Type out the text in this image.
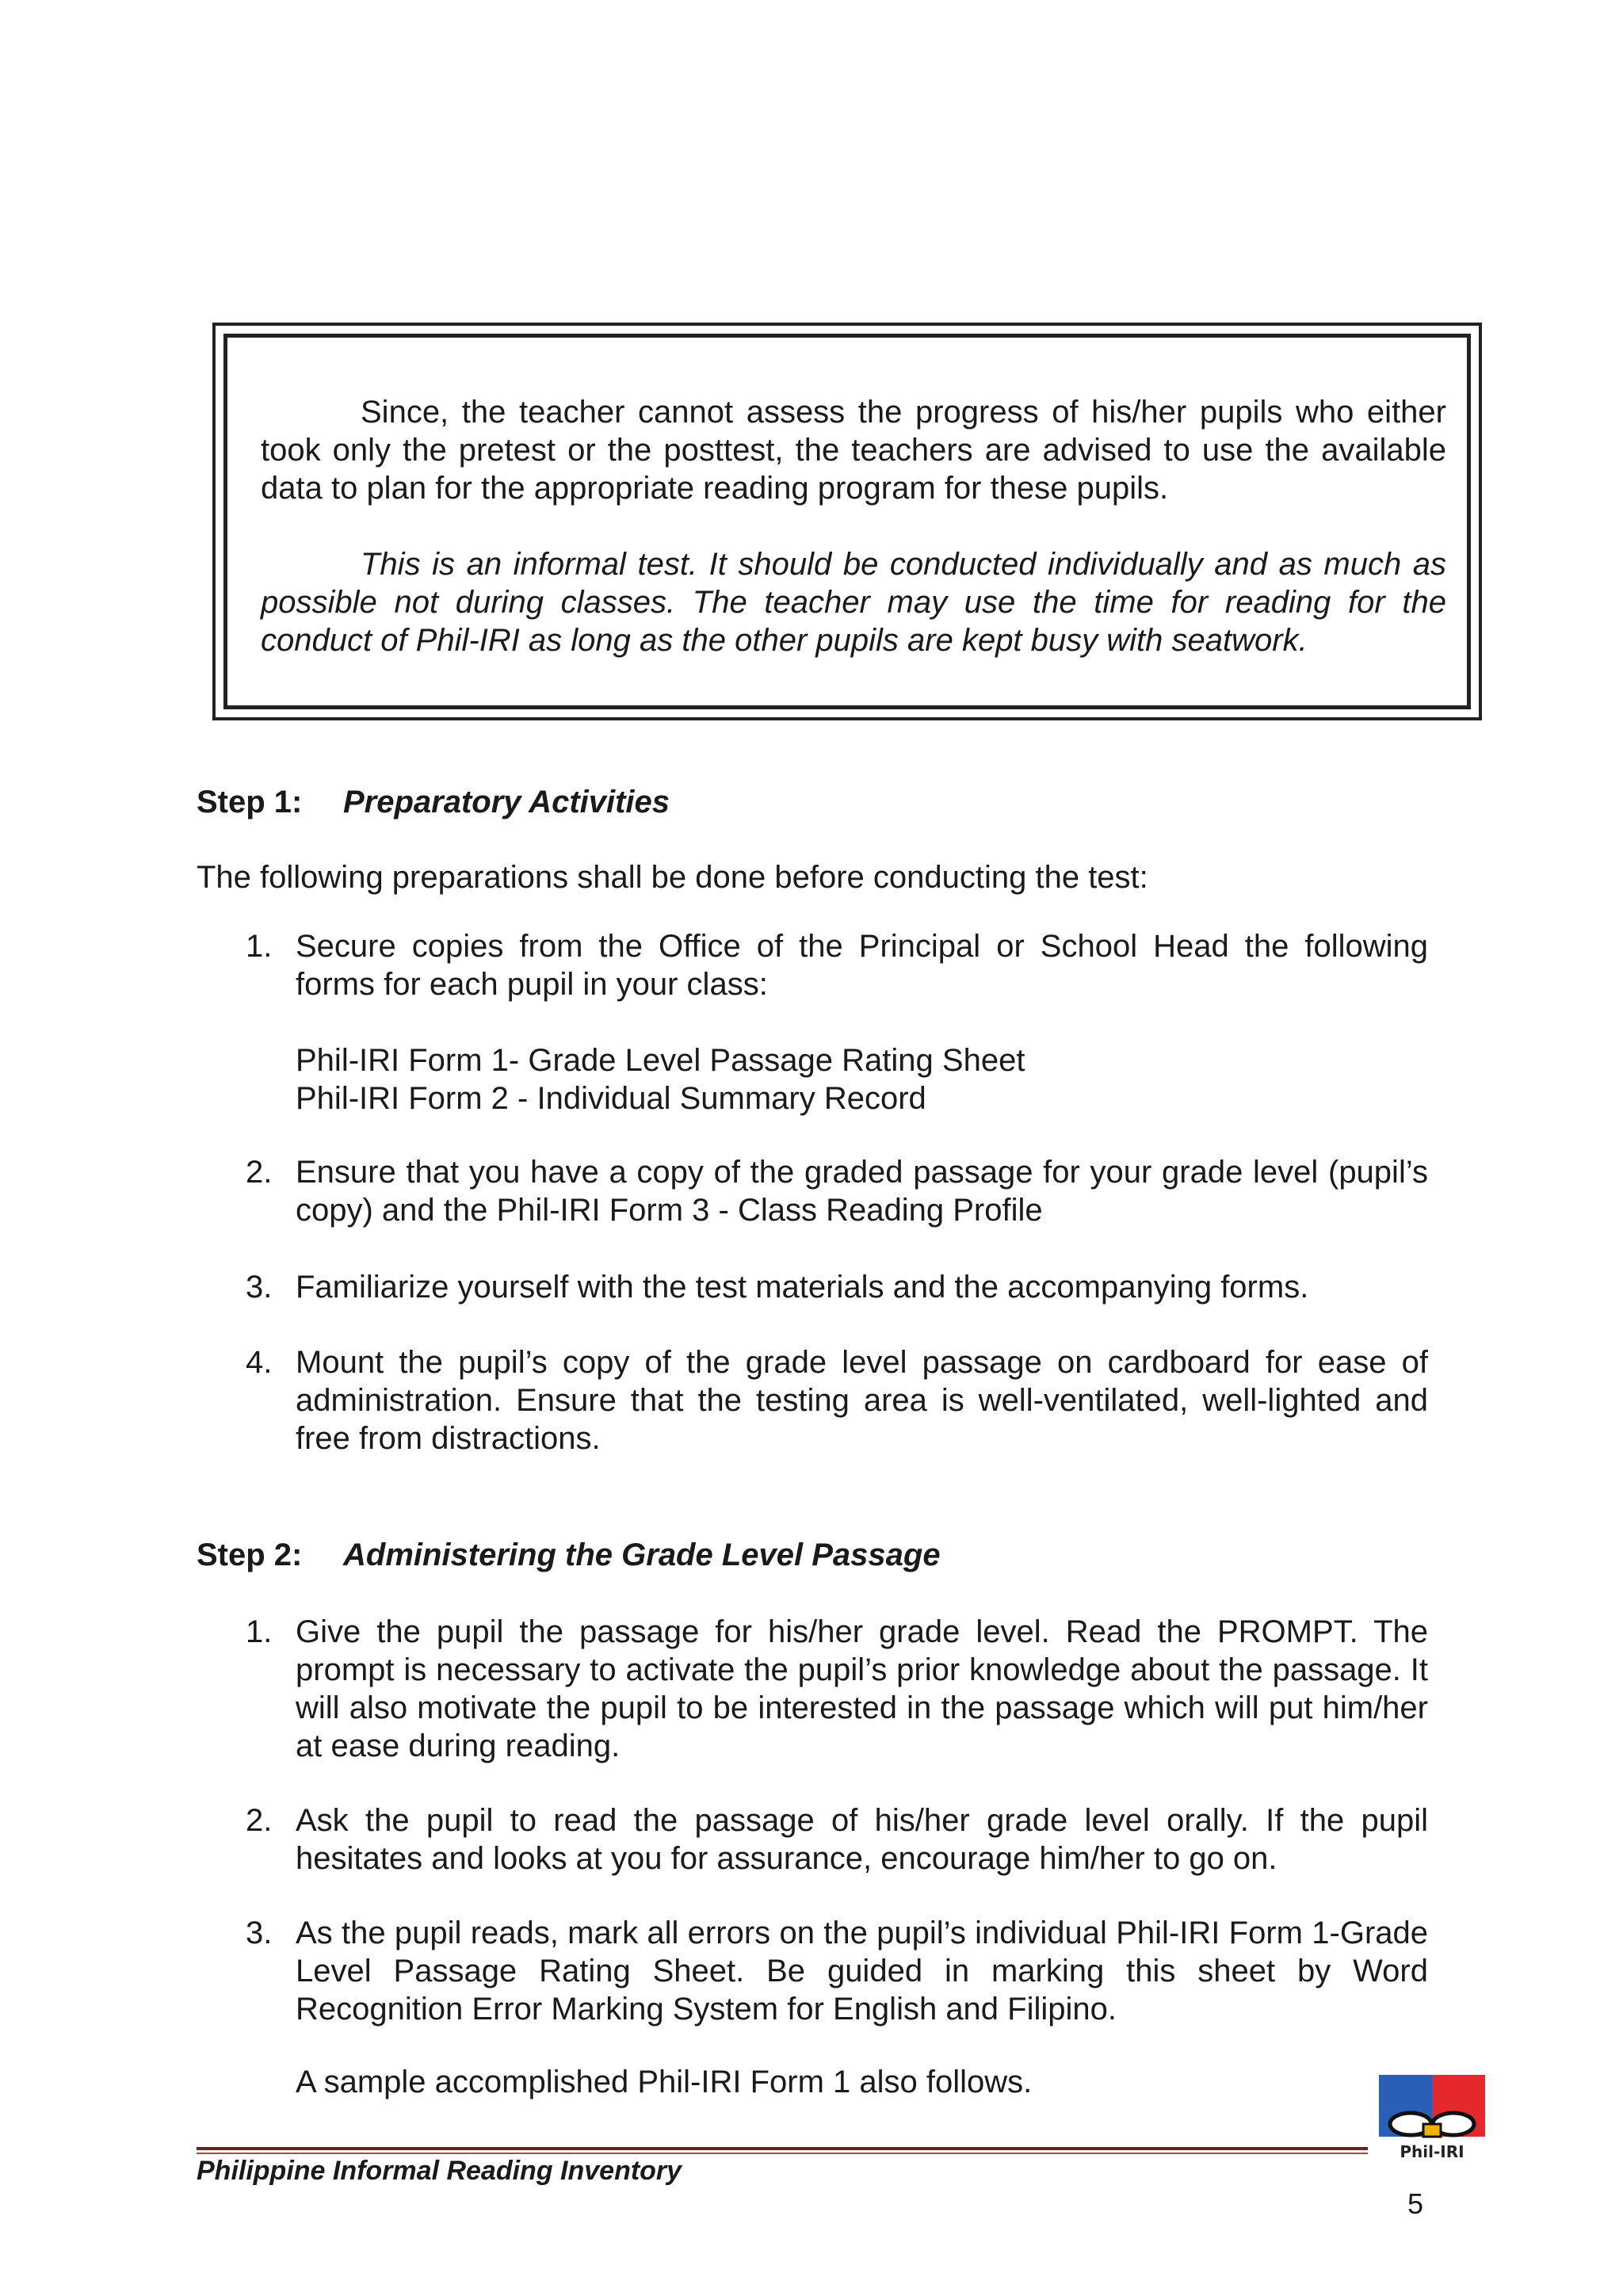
Since, the teacher cannot assess the progress of his/her pupils who either took only the pretest or the posttest, the teachers are advised to use the available data to plan for the appropriate reading program for these pupils.

This is an informal test. It should be conducted individually and as much as possible not during classes. The teacher may use the time for reading for the conduct of Phil-IRI as long as the other pupils are kept busy with seatwork.

Step 1: Preparatory Activities
The following preparations shall be done before conducting the test:
1. Secure copies from the Office of the Principal or School Head the following forms for each pupil in your class:
Phil-IRI Form 1- Grade Level Passage Rating Sheet
Phil-IRI Form 2 - Individual Summary Record
2. Ensure that you have a copy of the graded passage for your grade level (pupil’s copy) and the Phil-IRI Form 3 - Class Reading Profile
3. Familiarize yourself with the test materials and the accompanying forms.
4. Mount the pupil’s copy of the grade level passage on cardboard for ease of administration. Ensure that the testing area is well-ventilated, well-lighted and free from distractions.
Step 2: Administering the Grade Level Passage
1. Give the pupil the passage for his/her grade level. Read the PROMPT. The prompt is necessary to activate the pupil’s prior knowledge about the passage. It will also motivate the pupil to be interested in the passage which will put him/her at ease during reading.
2. Ask the pupil to read the passage of his/her grade level orally. If the pupil hesitates and looks at you for assurance, encourage him/her to go on.
3. As the pupil reads, mark all errors on the pupil’s individual Phil-IRI Form 1-Grade Level Passage Rating Sheet. Be guided in marking this sheet by Word Recognition Error Marking System for English and Filipino.
A sample accomplished Phil-IRI Form 1 also follows.
Philippine Informal Reading Inventory
5
Phil-IRI
